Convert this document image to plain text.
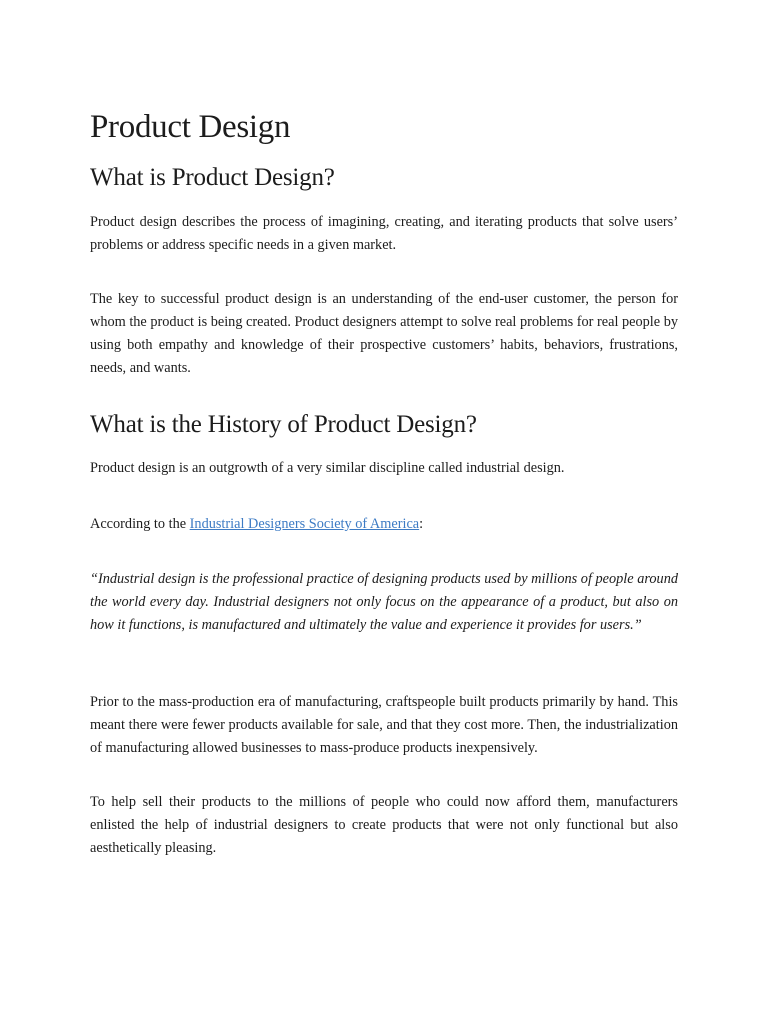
Product Design
What is Product Design?

Product design describes the process of imagining, creating, and iterating products that solve users’ problems or address specific needs in a given market.

The key to successful product design is an understanding of the end-user customer, the person for whom the product is being created. Product designers attempt to solve real problems for real people by using both empathy and knowledge of their prospective customers’ habits, behaviors, frustrations, needs, and wants.

What is the History of Product Design?

Product design is an outgrowth of a very similar discipline called industrial design.

According to the Industrial Designers Society of America:

“Industrial design is the professional practice of designing products used by millions of people around the world every day. Industrial designers not only focus on the appearance of a product, but also on how it functions, is manufactured and ultimately the value and experience it provides for users.”

Prior to the mass-production era of manufacturing, craftspeople built products primarily by hand. This meant there were fewer products available for sale, and that they cost more. Then, the industrialization of manufacturing allowed businesses to mass-produce products inexpensively.

To help sell their products to the millions of people who could now afford them, manufacturers enlisted the help of industrial designers to create products that were not only functional but also aesthetically pleasing.
